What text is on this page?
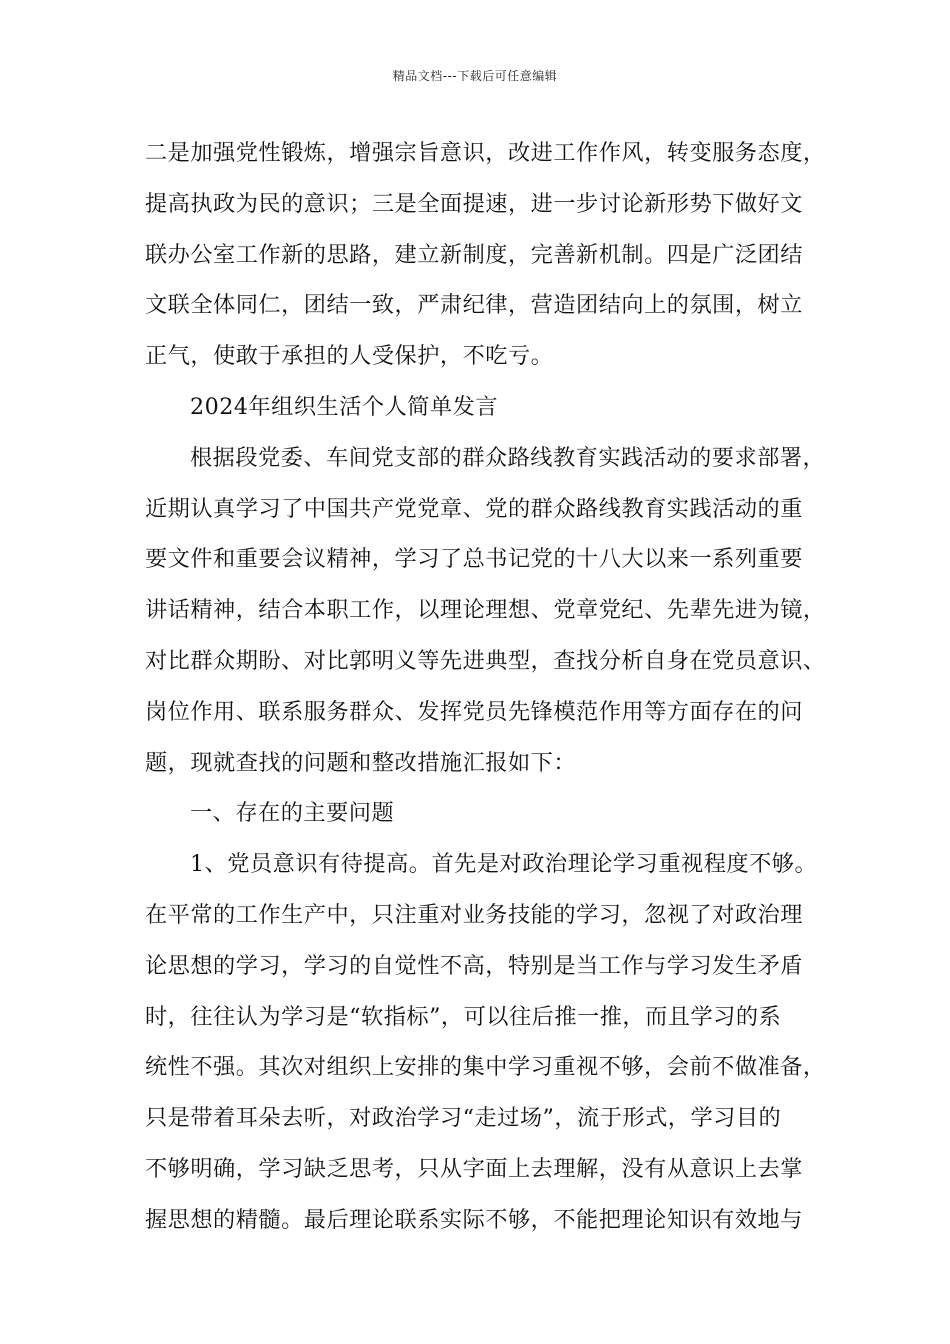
精品文档---下载后可任意编辑
二是加强党性锻炼，增强宗旨意识，改进工作作风，转变服务态度，
提高执政为民的意识；三是全面提速，进一步讨论新形势下做好文
联办公室工作新的思路，建立新制度，完善新机制。四是广泛团结
文联全体同仁，团结一致，严肃纪律，营造团结向上的氛围，树立
正气，使敢于承担的人受保护，不吃亏。
2024年组织生活个人简单发言
根据段党委、车间党支部的群众路线教育实践活动的要求部署，
近期认真学习了中国共产党党章、党的群众路线教育实践活动的重
要文件和重要会议精神，学习了总书记党的十八大以来一系列重要
讲话精神，结合本职工作，以理论理想、党章党纪、先辈先进为镜，
对比群众期盼、对比郭明义等先进典型，查找分析自身在党员意识、
岗位作用、联系服务群众、发挥党员先锋模范作用等方面存在的问
题，现就查找的问题和整改措施汇报如下：
一、存在的主要问题
1、党员意识有待提高。首先是对政治理论学习重视程度不够。
在平常的工作生产中，只注重对业务技能的学习，忽视了对政治理
论思想的学习，学习的自觉性不高，特别是当工作与学习发生矛盾
时，往往认为学习是“软指标”，可以往后推一推，而且学习的系
统性不强。其次对组织上安排的集中学习重视不够，会前不做准备，
只是带着耳朵去听，对政治学习“走过场”，流于形式，学习目的
不够明确，学习缺乏思考，只从字面上去理解，没有从意识上去掌
握思想的精髓。最后理论联系实际不够，不能把理论知识有效地与
